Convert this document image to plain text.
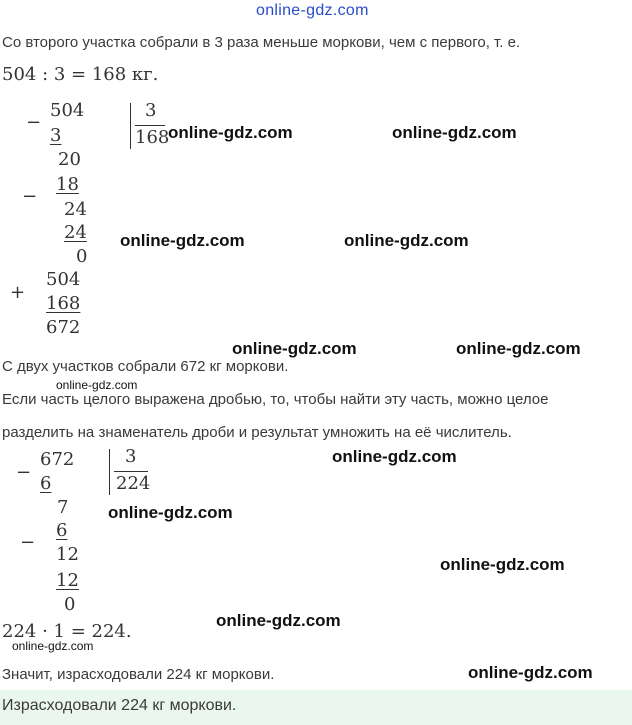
online-gdz.com
Со второго участка собрали в 3 раза меньше моркови, чем с первого, т. е.
504 : 3 = 168 кг.
−
504
3
3
168
20
−
18
24
24
0
+
504
168
672
С двух участков собрали 672 кг моркови.
Если часть целого выражена дробью, то, чтобы найти эту часть, можно целое
разделить на знаменатель дроби и результат умножить на её числитель.
−
672
6
3
224
7
−
6
12
12
0
224 · 1 = 224.
Значит, израсходовали 224 кг моркови.
Израсходовали 224 кг моркови.
online-gdz.com	online-gdz.com
online-gdz.com	online-gdz.com
online-gdz.com	online-gdz.com
online-gdz.com
online-gdz.com
online-gdz.com
online-gdz.com
online-gdz.com
online-gdz.com
online-gdz.com
